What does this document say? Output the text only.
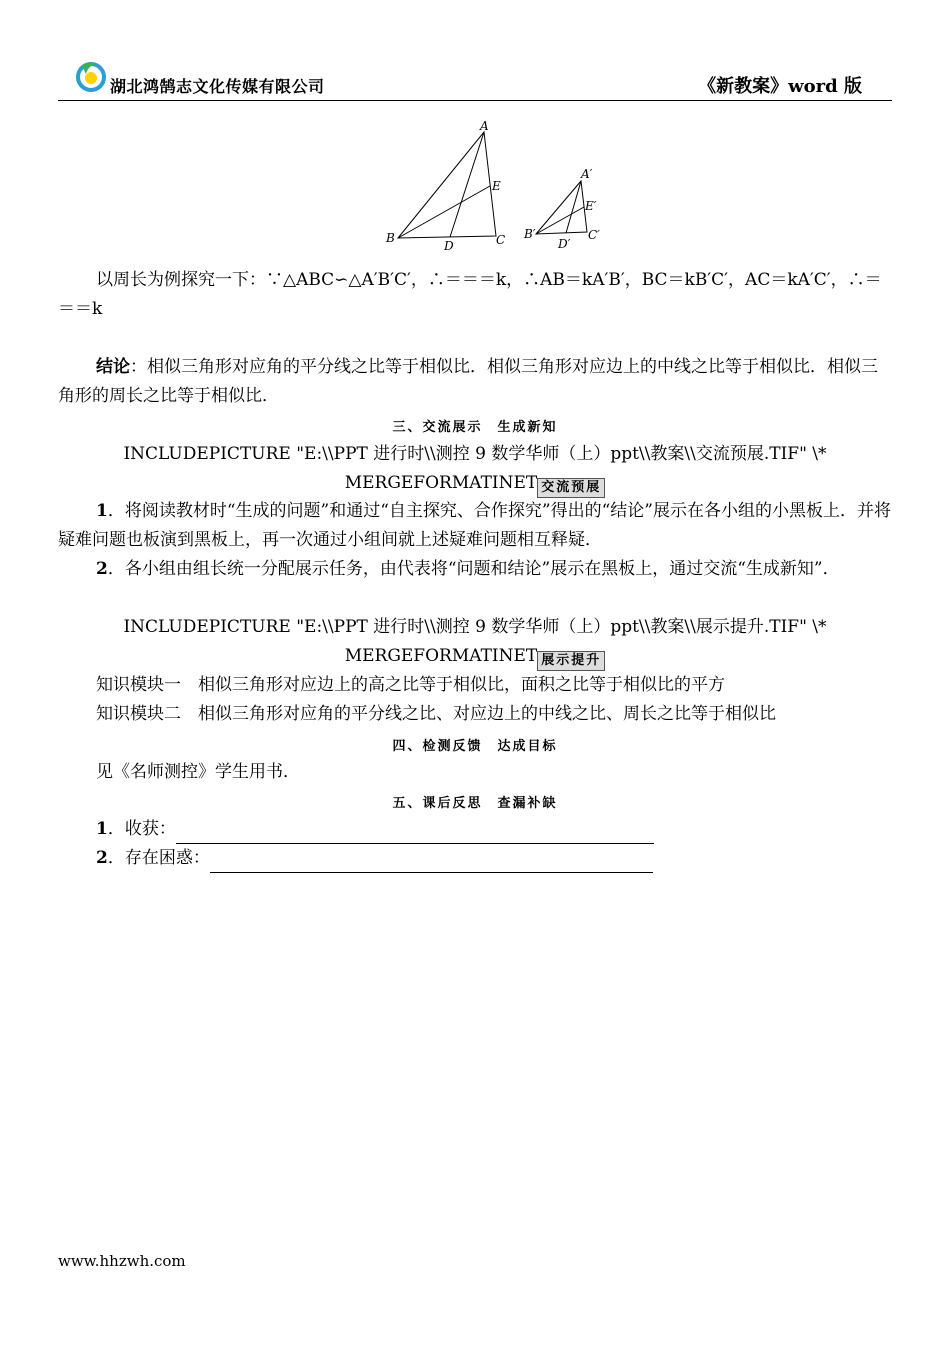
湖北鸿鹄志文化传媒有限公司	《新教案》word 版
A
B	C
D
E
A′
B′	C′
D′
E′
以周长为例探究一下：∵△ABC∽△A′B′C′，∴＝＝＝k，∴AB＝kA′B′，BC＝kB′C′，AC＝kA′C′，∴＝＝＝k
结论：相似三角形对应角的平分线之比等于相似比．相似三角形对应边上的中线之比等于相似比．相似三角形的周长之比等于相似比．
三、交流展示　生成新知
INCLUDEPICTURE "E:\\PPT 进行时\\测控 9 数学华师（上）ppt\\教案\\交流预展.TIF" \*
MERGEFORMATINET 交流预展
1．将阅读教材时“生成的问题”和通过“自主探究、合作探究”得出的“结论”展示在各小组的小黑板上．并将疑难问题也板演到黑板上，再一次通过小组间就上述疑难问题相互释疑．
2．各小组由组长统一分配展示任务，由代表将“问题和结论”展示在黑板上，通过交流“生成新知”．
INCLUDEPICTURE "E:\\PPT 进行时\\测控 9 数学华师（上）ppt\\教案\\展示提升.TIF" \*
MERGEFORMATINET 展示提升
知识模块一　相似三角形对应边上的高之比等于相似比，面积之比等于相似比的平方
知识模块二　相似三角形对应角的平分线之比、对应边上的中线之比、周长之比等于相似比
四、检测反馈　达成目标
见《名师测控》学生用书．
五、课后反思　查漏补缺
1．收获：
2．存在困惑：
www.hhzwh.com
